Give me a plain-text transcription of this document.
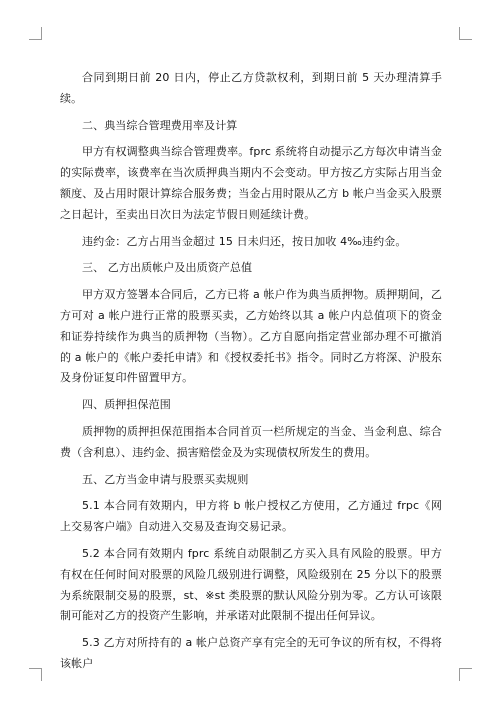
合同到期日前 20 日内，停止乙方贷款权利，到期日前 5 天办理清算手续。

二、典当综合管理费用率及计算

甲方有权调整典当综合管理费率。fprc 系统将自动提示乙方每次申请当金的实际费率，该费率在当次质押典当期内不会变动。甲方按乙方实际占用当金额度、及占用时限计算综合服务费；当金占用时限从乙方 b 帐户当金买入股票之日起计，至卖出日次日为法定节假日则延续计费。

违约金：乙方占用当金超过 15 日未归还，按日加收 4‰违约金。

三、 乙方出质帐户及出质资产总值

甲方双方签署本合同后，乙方已将 a 帐户作为典当质押物。质押期间，乙方可对 a 帐户进行正常的股票买卖，乙方始终以其 a 帐户内总值项下的资金和证券持续作为典当的质押物（当物）。乙方自愿向指定营业部办理不可撤消的 a 帐户的《帐户委托申请》和《授权委托书》指令。同时乙方将深、沪股东及身份证复印件留置甲方。

四、质押担保范围

质押物的质押担保范围指本合同首页一栏所规定的当金、当金利息、综合费（含利息）、违约金、损害赔偿金及为实现债权所发生的费用。

五、乙方当金申请与股票买卖规则

5.1 本合同有效期内，甲方将 b 帐户授权乙方使用，乙方通过 frpc《网上交易客户端》自动进入交易及查询交易记录。

5.2 本合同有效期内 fprc 系统自动限制乙方买入具有风险的股票。甲方有权在任何时间对股票的风险几级别进行调整，风险级别在 25 分以下的股票为系统限制交易的股票，st、※st 类股票的默认风险分别为零。乙方认可该限制可能对乙方的投资产生影响，并承诺对此限制不提出任何异议。

5.3 乙方对所持有的 a 帐户总资产享有完全的无可争议的所有权，不得将该帐户
